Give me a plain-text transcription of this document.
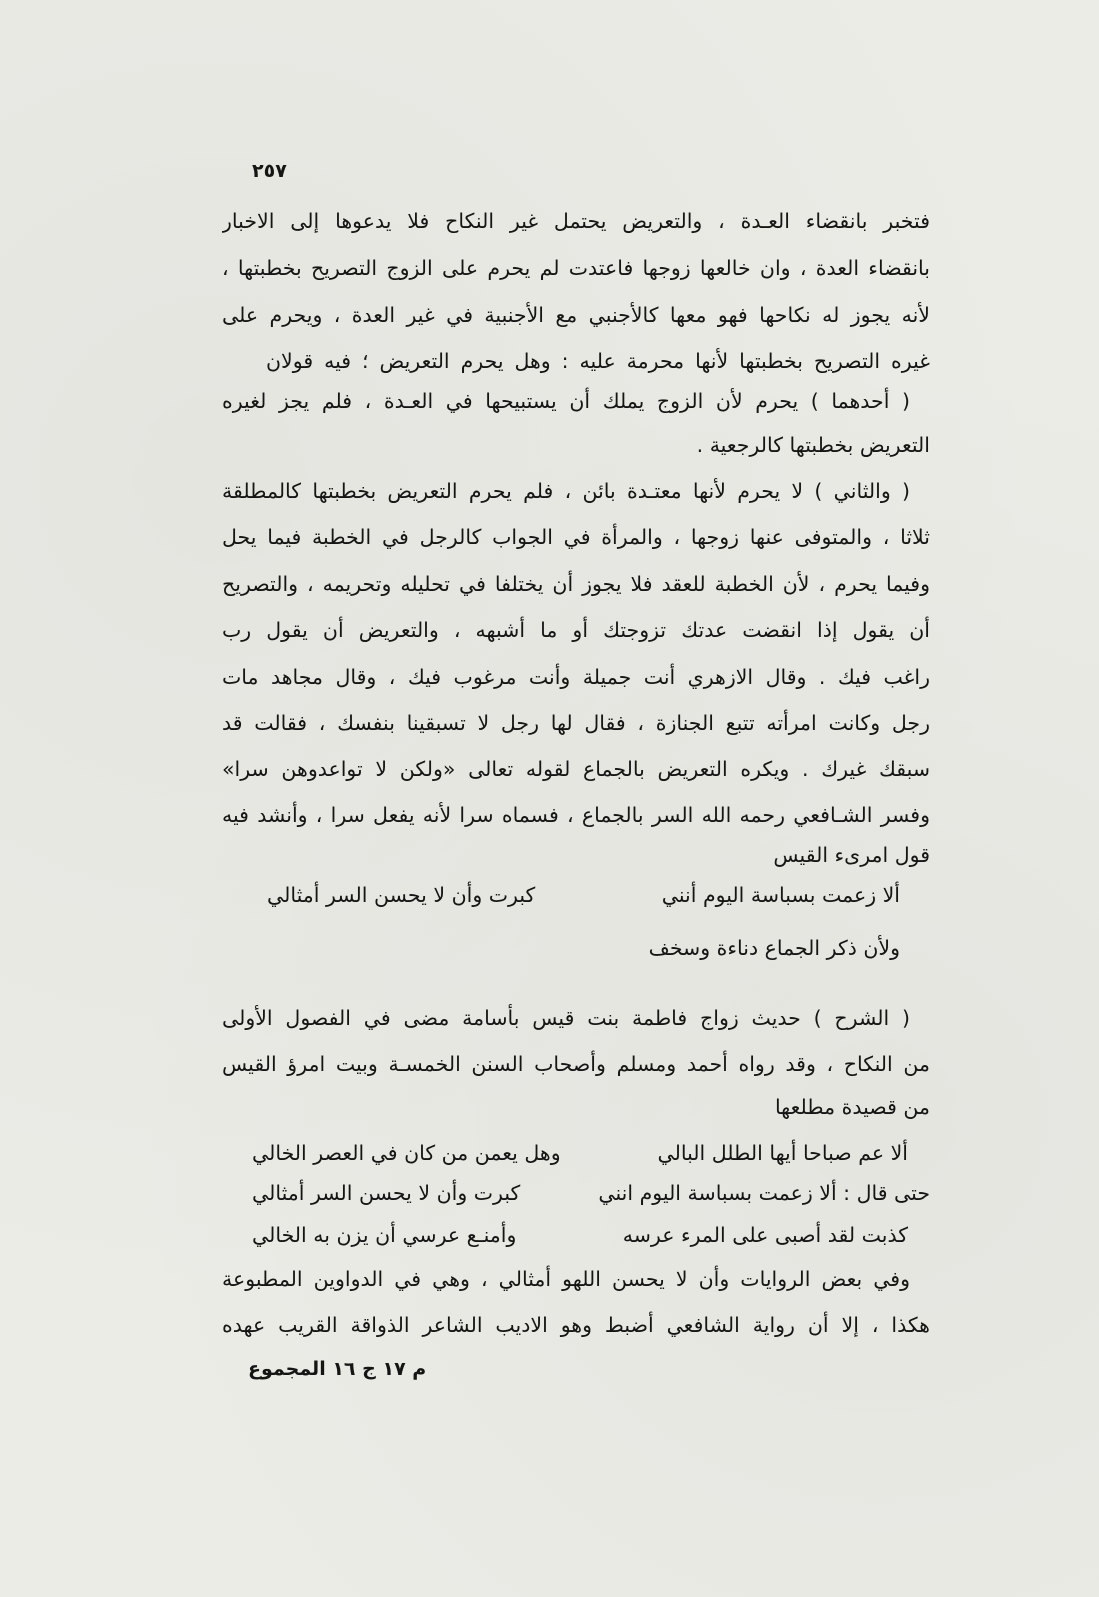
٢٥٧
فتخبر بانقضاء العـدة ، والتعريض يحتمل غير النكاح فلا يدعوها إلى الاخبار
بانقضاء العدة ، وان خالعها زوجها فاعتدت لم يحرم على الزوج التصريح بخطبتها ،
لأنه يجوز له نكاحها فهو معها كالأجنبي مع الأجنبية في غير العدة ، ويحرم على
غيره التصريح بخطبتها لأنها محرمة عليه : وهل يحرم التعريض ؛ فيه قولان
( أحدهما ) يحرم لأن الزوج يملك أن يستبيحها في العـدة ، فلم يجز لغيره
التعريض بخطبتها كالرجعية .
( والثاني ) لا يحرم لأنها معتـدة بائن ، فلم يحرم التعريض بخطبتها كالمطلقة
ثلاثا ، والمتوفى عنها زوجها ، والمرأة في الجواب كالرجل في الخطبة فيما يحل
وفيما يحرم ، لأن الخطبة للعقد فلا يجوز أن يختلفا في تحليله وتحريمه ، والتصريح
أن يقول إذا انقضت عدتك تزوجتك أو ما أشبهه ، والتعريض أن يقول رب
راغب فيك . وقال الازهري أنت جميلة وأنت مرغوب فيك ، وقال مجاهد مات
رجل وكانت امرأته تتبع الجنازة ، فقال لها رجل لا تسبقينا بنفسك ، فقالت قد
سبقك غيرك . ويكره التعريض بالجماع لقوله تعالى «ولكن لا تواعدوهن سرا»
وفسر الشـافعي رحمه الله السر بالجماع ، فسماه سرا لأنه يفعل سرا ، وأنشد فيه
قول امرىء القيس
ألا زعمت بسباسة اليوم أنني
كبرت وأن لا يحسن السر أمثالي
ولأن ذكر الجماع دناءة وسخف
( الشرح ) حديث زواج فاطمة بنت قيس بأسامة مضى في الفصول الأولى
من النكاح ، وقد رواه أحمد ومسلم وأصحاب السنن الخمسـة وبيت امرؤ القيس
من قصيدة مطلعها
ألا عم صباحا أيها الطلل البالي
وهل يعمن من كان في العصر الخالي
حتى قال : ألا زعمت بسباسة اليوم انني
كبرت وأن لا يحسن السر أمثالي
كذبت لقد أصبى على المرء عرسه
وأمنـع عرسي أن يزن به الخالي
وفي بعض الروايات وأن لا يحسن اللهو أمثالي ، وهي في الدواوين المطبوعة
هكذا ، إلا أن رواية الشافعي أضبط وهو الاديب الشاعر الذواقة القريب عهده
م ١٧ ج ١٦ المجموع
